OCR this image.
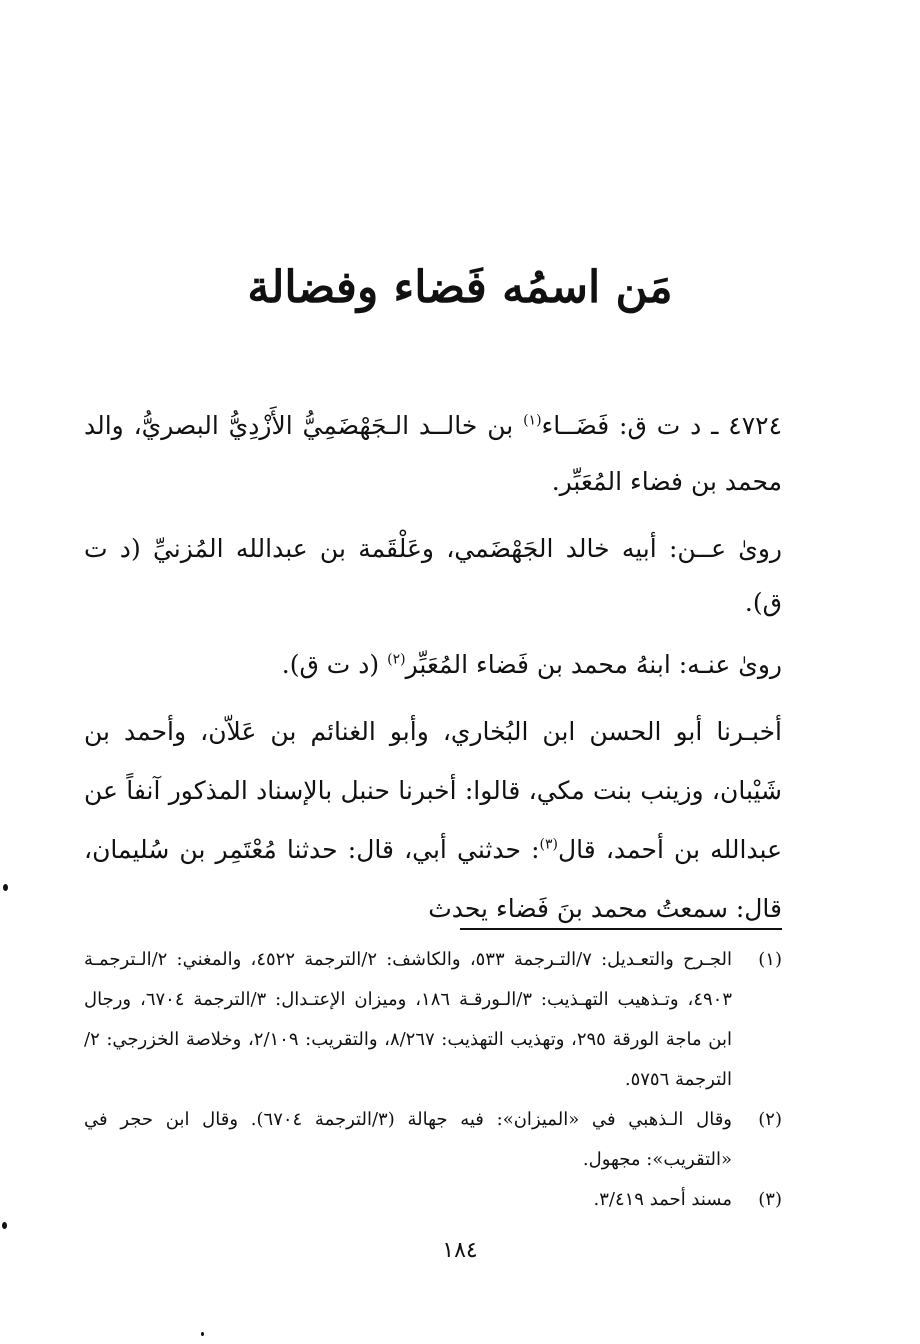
مَن اسمُه فَضاء وفضالة
٤٧٢٤ ـ د ت ق: فَضَــاء$^{(١)}$ بن خالــد الـجَهْضَمِيُّ الأَزْدِيُّ البصريُّ، والد محمد بن فضاء المُعَبِّر.
روىٰ عــن: أبيه خالد الجَهْضَمي، وعَلْقَمة بن عبدالله المُزنيِّ (د ت ق).
روىٰ عنـه: ابنهُ محمد بن فَضاء المُعَبِّر$^{(٢)}$ (د ت ق).
أخبـرنا أبو الحسن ابن البُخاري، وأبو الغنائم بن عَلاّن، وأحمد بن شَيْبان، وزينب بنت مكي، قالوا: أخبرنا حنبل بالإسناد المذكور آنفاً عن عبدالله بن أحمد، قال$^{(٣)}$: حدثني أبي، قال: حدثنا مُعْتَمِر بن سُليمان، قال: سمعتُ محمد بنَ فَضاء يحدث
(١)
الجـرح والتعـديل: ٧/التـرجمة ٥٣٣، والكاشف: ٢/الترجمة ٤٥٢٢، والمغني: ٢/الـترجمـة ٤٩٠٣، وتـذهيب التهـذيب: ٣/الـورقـة ١٨٦، وميزان الإعتـدال: ٣/الترجمة ٦٧٠٤، ورجال ابن ماجة الورقة ٢٩٥، وتهذيب التهذيب: ٨/٢٦٧، والتقريب: ٢/١٠٩، وخلاصة الخزرجي: ٢/الترجمة ٥٧٥٦.
(٢)
وقال الـذهبي في «الميزان»: فيه جهالة (٣/الترجمة ٦٧٠٤). وقال ابن حجر في «التقريب»: مجهول.
(٣)
مسند أحمد ٣/٤١٩.
١٨٤
